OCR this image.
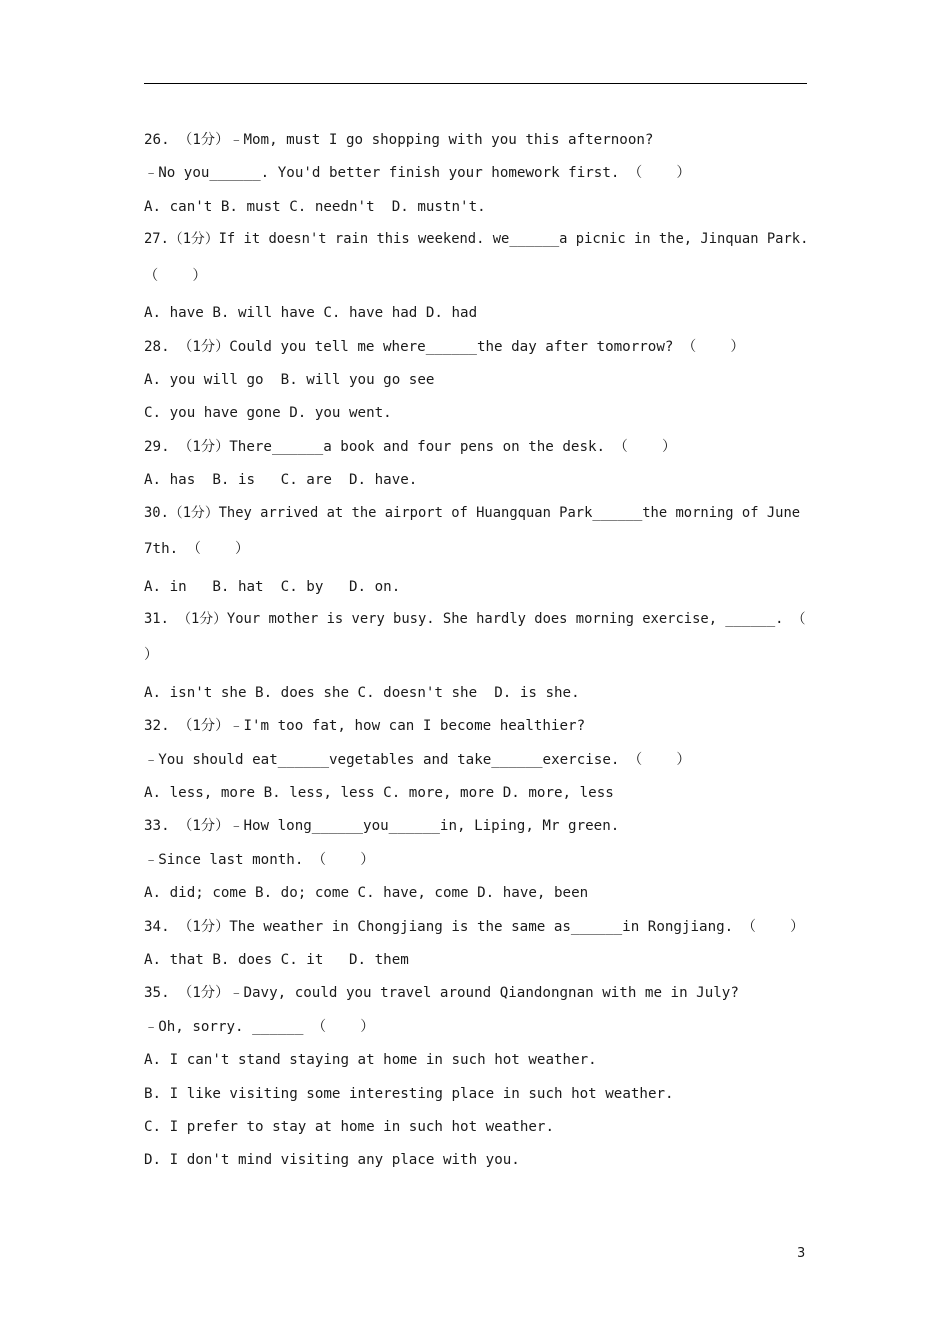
26. （1分）﹣Mom, must I go shopping with you this afternoon?
﹣No you______. You'd better finish your homework first. （    ）
A. can't B. must C. needn't  D. mustn't.
27.（1分）If it doesn't rain this weekend. we______a picnic in the, Jinquan Park.
（    ）
A. have B. will have C. have had D. had
28. （1分）Could you tell me where______the day after tomorrow? （    ）
A. you will go  B. will you go see
C. you have gone D. you went.
29. （1分）There______a book and four pens on the desk. （    ）
A. has  B. is   C. are  D. have.
30.（1分）They arrived at the airport of Huangquan Park______the morning of June
7th. （    ）
A. in   B. hat  C. by   D. on.
31. （1分）Your mother is very busy. She hardly does morning exercise, ______. （
）
A. isn't she B. does she C. doesn't she  D. is she.
32. （1分）﹣I'm too fat, how can I become healthier?
﹣You should eat______vegetables and take______exercise. （    ）
A. less, more B. less, less C. more, more D. more, less
33. （1分）﹣How long______you______in, Liping, Mr green.
﹣Since last month. （    ）
A. did; come B. do; come C. have, come D. have, been
34. （1分）The weather in Chongjiang is the same as______in Rongjiang. （    ）
A. that B. does C. it   D. them
35. （1分）﹣Davy, could you travel around Qiandongnan with me in July?
﹣Oh, sorry. ______ （    ）
A. I can't stand staying at home in such hot weather.
B. I like visiting some interesting place in such hot weather.
C. I prefer to stay at home in such hot weather.
D. I don't mind visiting any place with you.
3
